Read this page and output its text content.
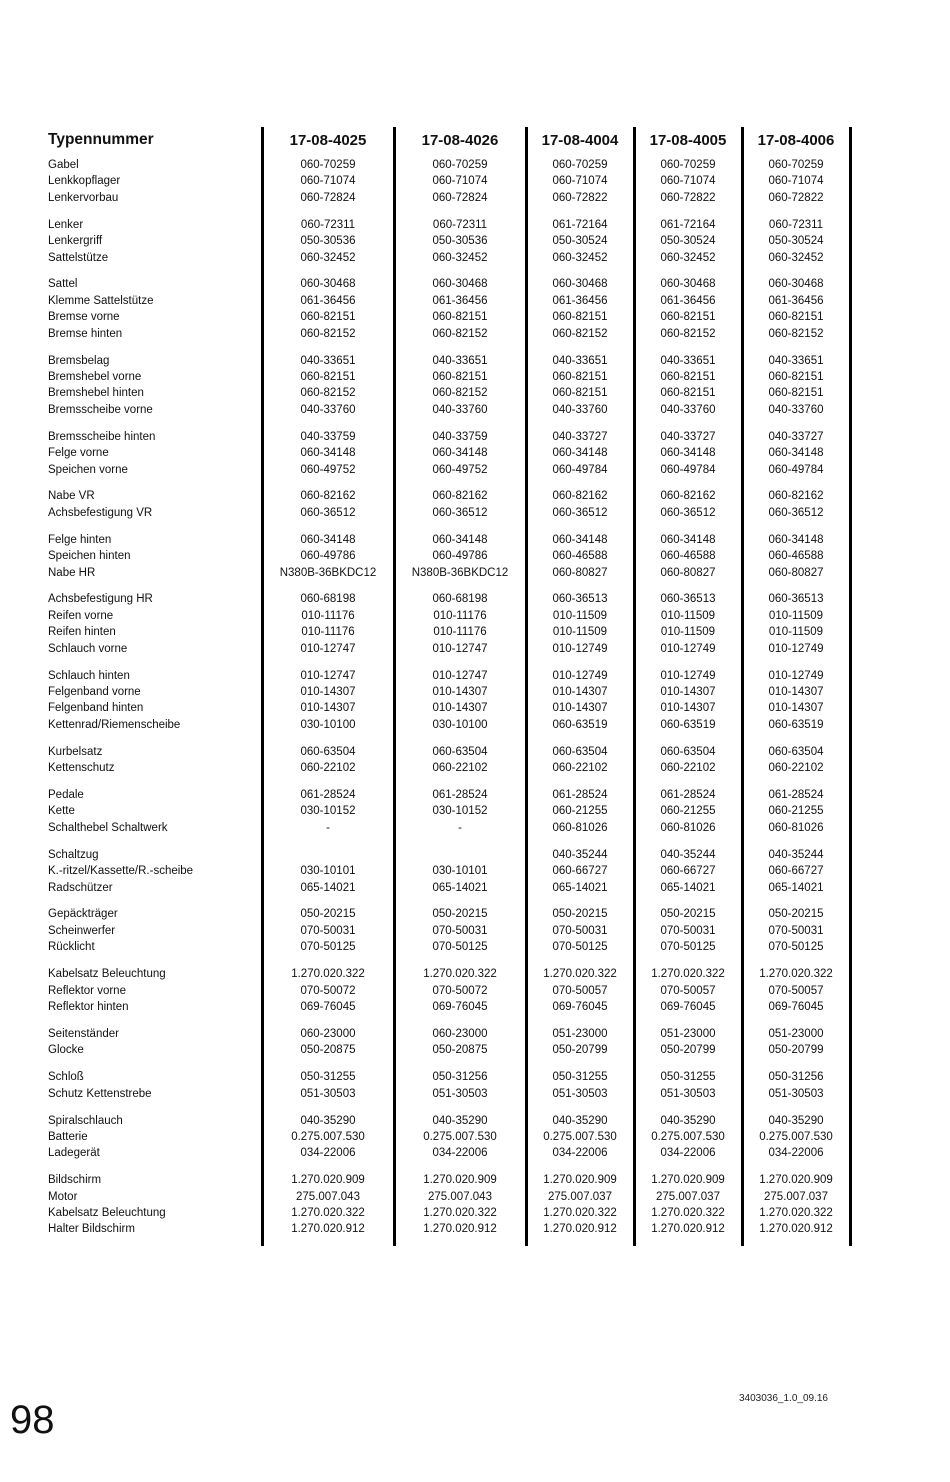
Typennummer	17-08-4025	17-08-4026	17-08-4004	17-08-4005	17-08-4006

Gabel	060-70259	060-70259	060-70259	060-70259	060-70259
Lenkkopflager	060-71074	060-71074	060-71074	060-71074	060-71074
Lenkervorbau	060-72824	060-72824	060-72822	060-72822	060-72822

Lenker	060-72311	060-72311	061-72164	061-72164	060-72311
Lenkergriff	050-30536	050-30536	050-30524	050-30524	050-30524
Sattelstütze	060-32452	060-32452	060-32452	060-32452	060-32452

Sattel	060-30468	060-30468	060-30468	060-30468	060-30468
Klemme Sattelstütze	061-36456	061-36456	061-36456	061-36456	061-36456
Bremse vorne	060-82151	060-82151	060-82151	060-82151	060-82151
Bremse hinten	060-82152	060-82152	060-82152	060-82152	060-82152

Bremsbelag	040-33651	040-33651	040-33651	040-33651	040-33651
Bremshebel vorne	060-82151	060-82151	060-82151	060-82151	060-82151
Bremshebel hinten	060-82152	060-82152	060-82151	060-82151	060-82151
Bremsscheibe vorne	040-33760	040-33760	040-33760	040-33760	040-33760

Bremsscheibe hinten	040-33759	040-33759	040-33727	040-33727	040-33727
Felge vorne	060-34148	060-34148	060-34148	060-34148	060-34148
Speichen vorne	060-49752	060-49752	060-49784	060-49784	060-49784

Nabe VR	060-82162	060-82162	060-82162	060-82162	060-82162
Achsbefestigung VR	060-36512	060-36512	060-36512	060-36512	060-36512

Felge hinten	060-34148	060-34148	060-34148	060-34148	060-34148
Speichen hinten	060-49786	060-49786	060-46588	060-46588	060-46588
Nabe HR	N380B-36BKDC12	N380B-36BKDC12	060-80827	060-80827	060-80827

Achsbefestigung HR	060-68198	060-68198	060-36513	060-36513	060-36513
Reifen vorne	010-11176	010-11176	010-11509	010-11509	010-11509
Reifen hinten	010-11176	010-11176	010-11509	010-11509	010-11509
Schlauch vorne	010-12747	010-12747	010-12749	010-12749	010-12749

Schlauch hinten	010-12747	010-12747	010-12749	010-12749	010-12749
Felgenband vorne	010-14307	010-14307	010-14307	010-14307	010-14307
Felgenband hinten	010-14307	010-14307	010-14307	010-14307	010-14307
Kettenrad/Riemenscheibe	030-10100	030-10100	060-63519	060-63519	060-63519

Kurbelsatz	060-63504	060-63504	060-63504	060-63504	060-63504
Kettenschutz	060-22102	060-22102	060-22102	060-22102	060-22102

Pedale	061-28524	061-28524	061-28524	061-28524	061-28524
Kette	030-10152	030-10152	060-21255	060-21255	060-21255
Schalthebel Schaltwerk	-	-	060-81026	060-81026	060-81026

Schaltzug			040-35244	040-35244	040-35244
K.-ritzel/Kassette/R.-scheibe	030-10101	030-10101	060-66727	060-66727	060-66727
Radschützer	065-14021	065-14021	065-14021	065-14021	065-14021

Gepäckträger	050-20215	050-20215	050-20215	050-20215	050-20215
Scheinwerfer	070-50031	070-50031	070-50031	070-50031	070-50031
Rücklicht	070-50125	070-50125	070-50125	070-50125	070-50125

Kabelsatz Beleuchtung	1.270.020.322	1.270.020.322	1.270.020.322	1.270.020.322	1.270.020.322
Reflektor vorne	070-50072	070-50072	070-50057	070-50057	070-50057
Reflektor hinten	069-76045	069-76045	069-76045	069-76045	069-76045

Seitenständer	060-23000	060-23000	051-23000	051-23000	051-23000
Glocke	050-20875	050-20875	050-20799	050-20799	050-20799

Schloß	050-31255	050-31256	050-31255	050-31255	050-31256
Schutz Kettenstrebe	051-30503	051-30503	051-30503	051-30503	051-30503

Spiralschlauch	040-35290	040-35290	040-35290	040-35290	040-35290
Batterie	0.275.007.530	0.275.007.530	0.275.007.530	0.275.007.530	0.275.007.530
Ladegerät	034-22006	034-22006	034-22006	034-22006	034-22006

Bildschirm	1.270.020.909	1.270.020.909	1.270.020.909	1.270.020.909	1.270.020.909
Motor	275.007.043	275.007.043	275.007.037	275.007.037	275.007.037
Kabelsatz Beleuchtung	1.270.020.322	1.270.020.322	1.270.020.322	1.270.020.322	1.270.020.322
Halter Bildschirm	1.270.020.912	1.270.020.912	1.270.020.912	1.270.020.912	1.270.020.912

98	3403036_1.0_09.16
